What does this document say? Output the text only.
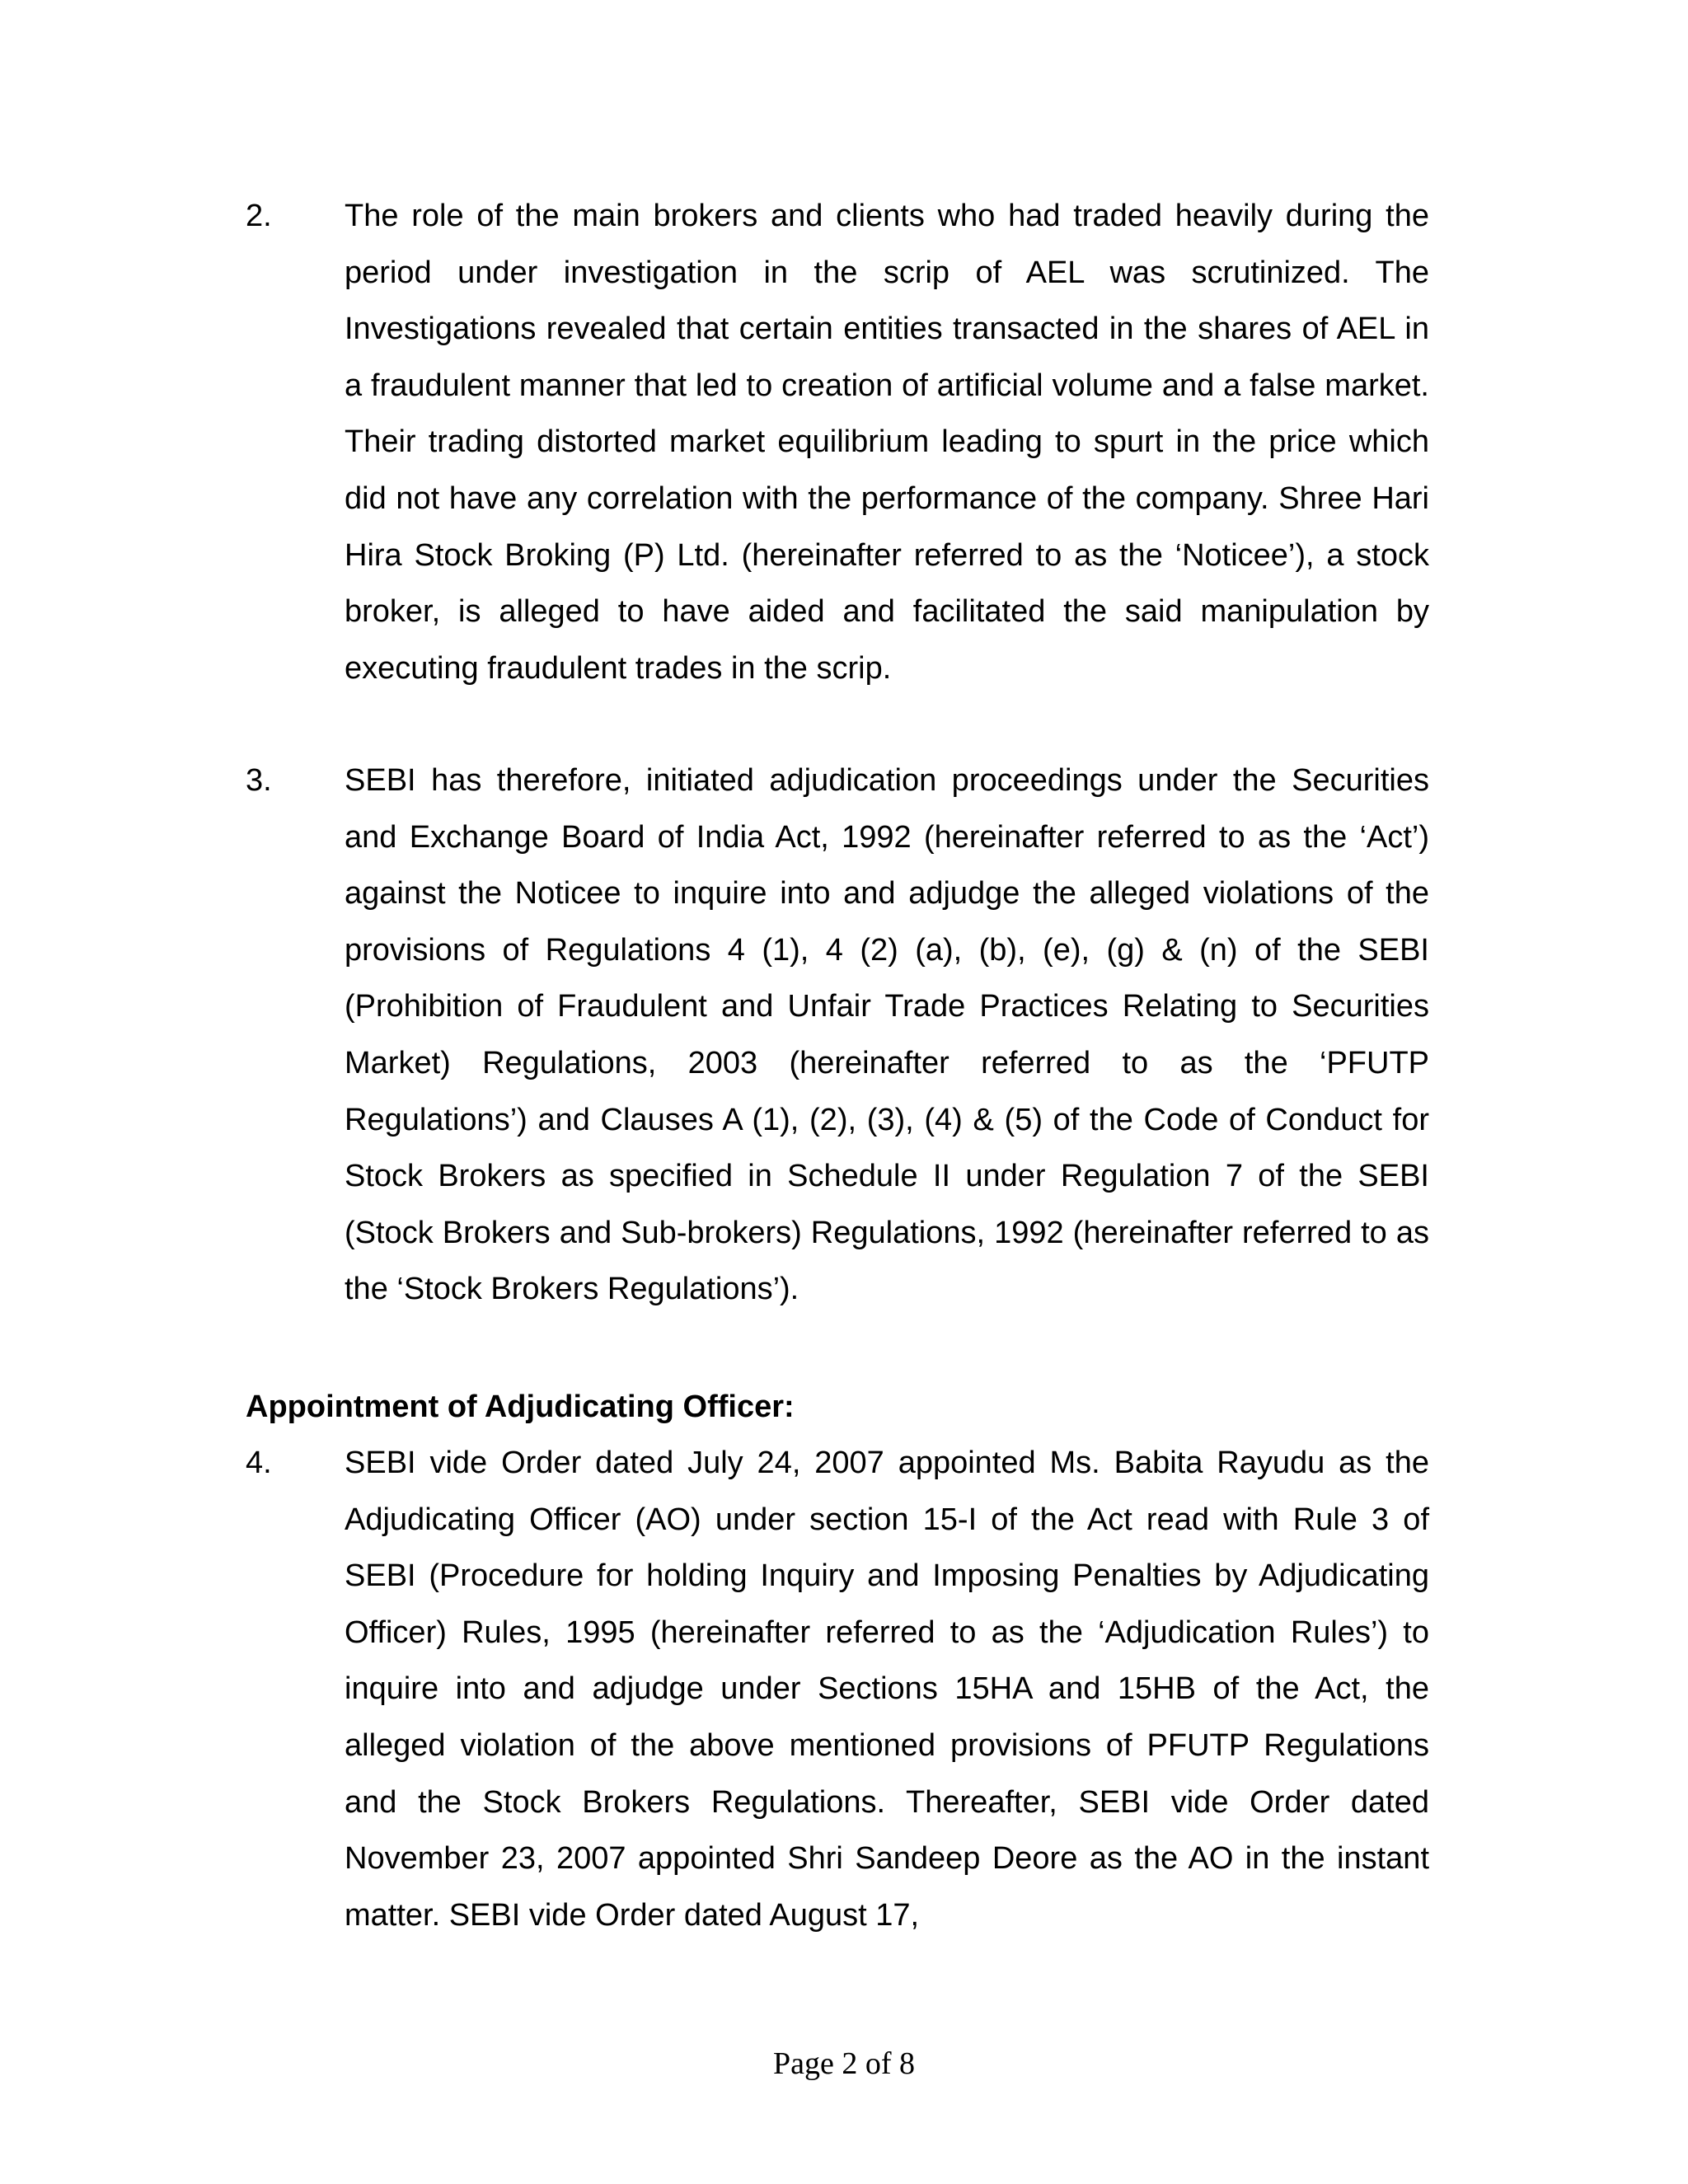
2. The role of the main brokers and clients who had traded heavily during the period under investigation in the scrip of AEL was scrutinized. The Investigations revealed that certain entities transacted in the shares of AEL in a fraudulent manner that led to creation of artificial volume and a false market. Their trading distorted market equilibrium leading to spurt in the price which did not have any correlation with the performance of the company. Shree Hari Hira Stock Broking (P) Ltd. (hereinafter referred to as the ‘Noticee’), a stock broker, is alleged to have aided and facilitated the said manipulation by executing fraudulent trades in the scrip.
3. SEBI has therefore, initiated adjudication proceedings under the Securities and Exchange Board of India Act, 1992 (hereinafter referred to as the ‘Act’) against the Noticee to inquire into and adjudge the alleged violations of the provisions of Regulations 4 (1), 4 (2) (a), (b), (e), (g) & (n) of the SEBI (Prohibition of Fraudulent and Unfair Trade Practices Relating to Securities Market) Regulations, 2003 (hereinafter referred to as the ‘PFUTP Regulations’) and Clauses A (1), (2), (3), (4) & (5) of the Code of Conduct for Stock Brokers as specified in Schedule II under Regulation 7 of the SEBI (Stock Brokers and Sub-brokers) Regulations, 1992 (hereinafter referred to as the ‘Stock Brokers Regulations’).
Appointment of Adjudicating Officer:
4. SEBI vide Order dated July 24, 2007 appointed Ms. Babita Rayudu as the Adjudicating Officer (AO) under section 15-I of the Act read with Rule 3 of SEBI (Procedure for holding Inquiry and Imposing Penalties by Adjudicating Officer) Rules, 1995 (hereinafter referred to as the ‘Adjudication Rules’) to inquire into and adjudge under Sections 15HA and 15HB of the Act, the alleged violation of the above mentioned provisions of PFUTP Regulations and the Stock Brokers Regulations. Thereafter, SEBI vide Order dated November 23, 2007 appointed Shri Sandeep Deore as the AO in the instant matter. SEBI vide Order dated August 17,
Page 2 of 8
